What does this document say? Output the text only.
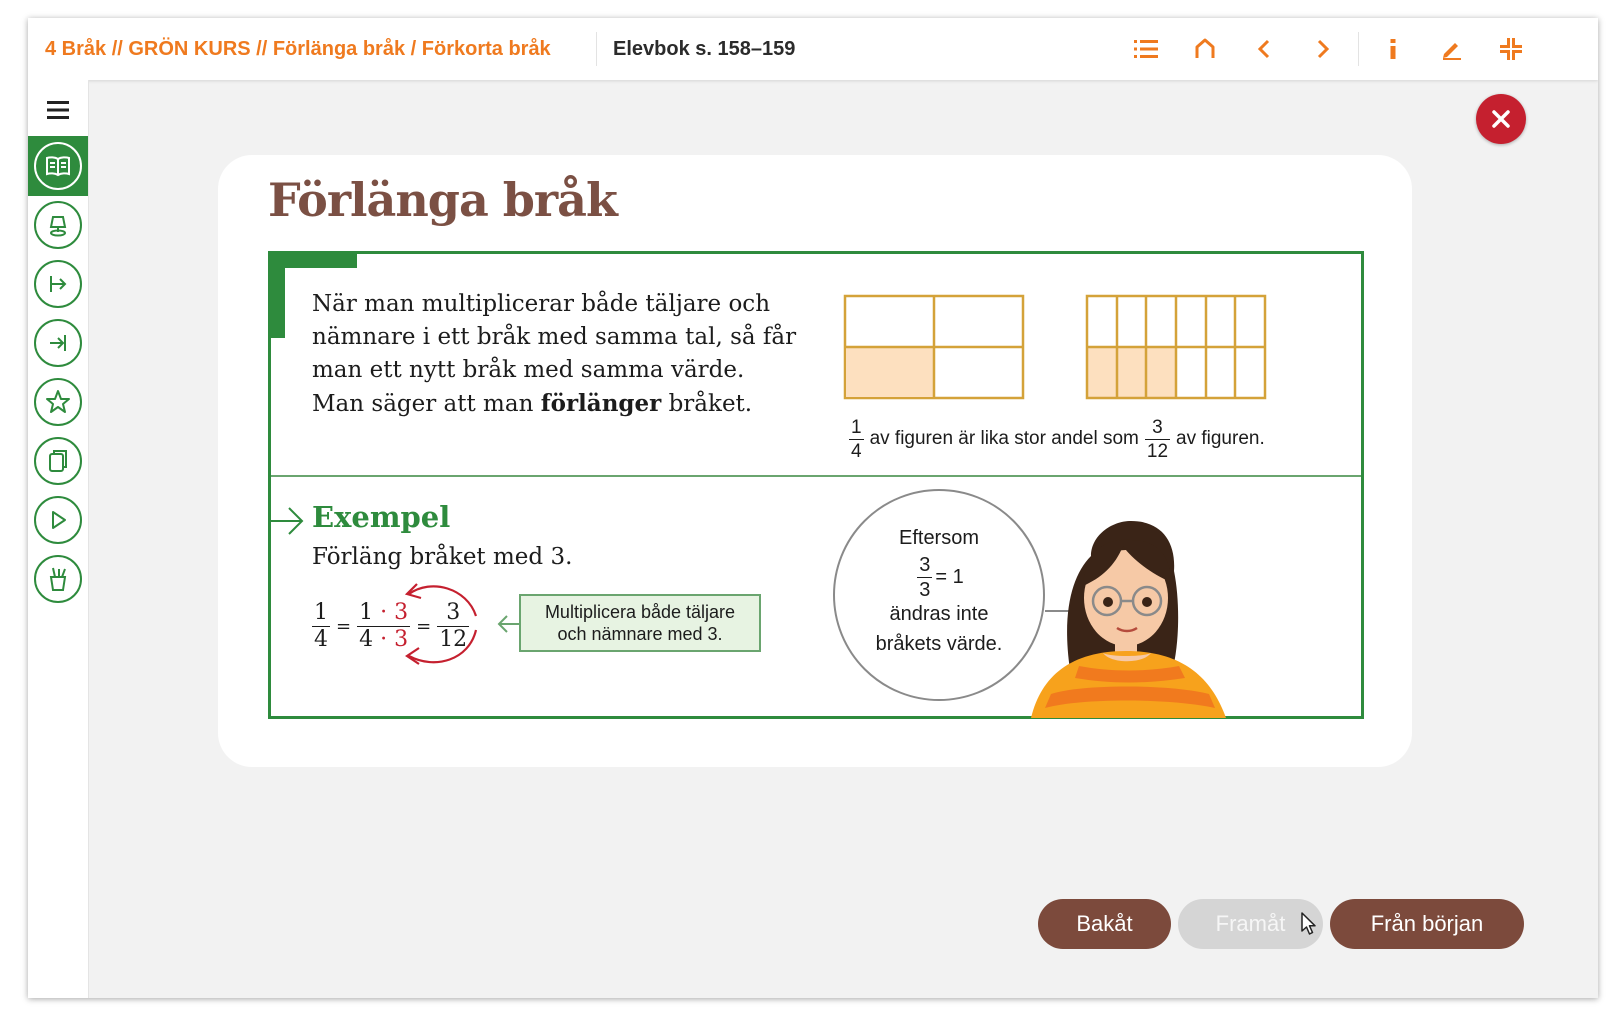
4 Bråk // GRÖN KURS // Förlänga bråk / Förkorta bråk	Elevbok s. 158–159
Förlänga bråk
När man multiplicerar både täljare och
nämnare i ett bråk med samma tal, så får
man ett nytt bråk med samma värde.
Man säger att man förlänger bråket.
$\frac{1}{4}$ av figuren är lika stor andel som $\frac{3}{12}$ av figuren.
Exempel
Förläng bråket med 3.
$\frac{1}{4} = \frac{1 \cdot 3}{4 \cdot 3} = \frac{3}{12}$	Multiplicera både täljare
och nämnare med 3.
Eftersom
$\frac{3}{3} = 1$
ändras inte
bråkets värde.
Bakåt	Framåt	Från början
